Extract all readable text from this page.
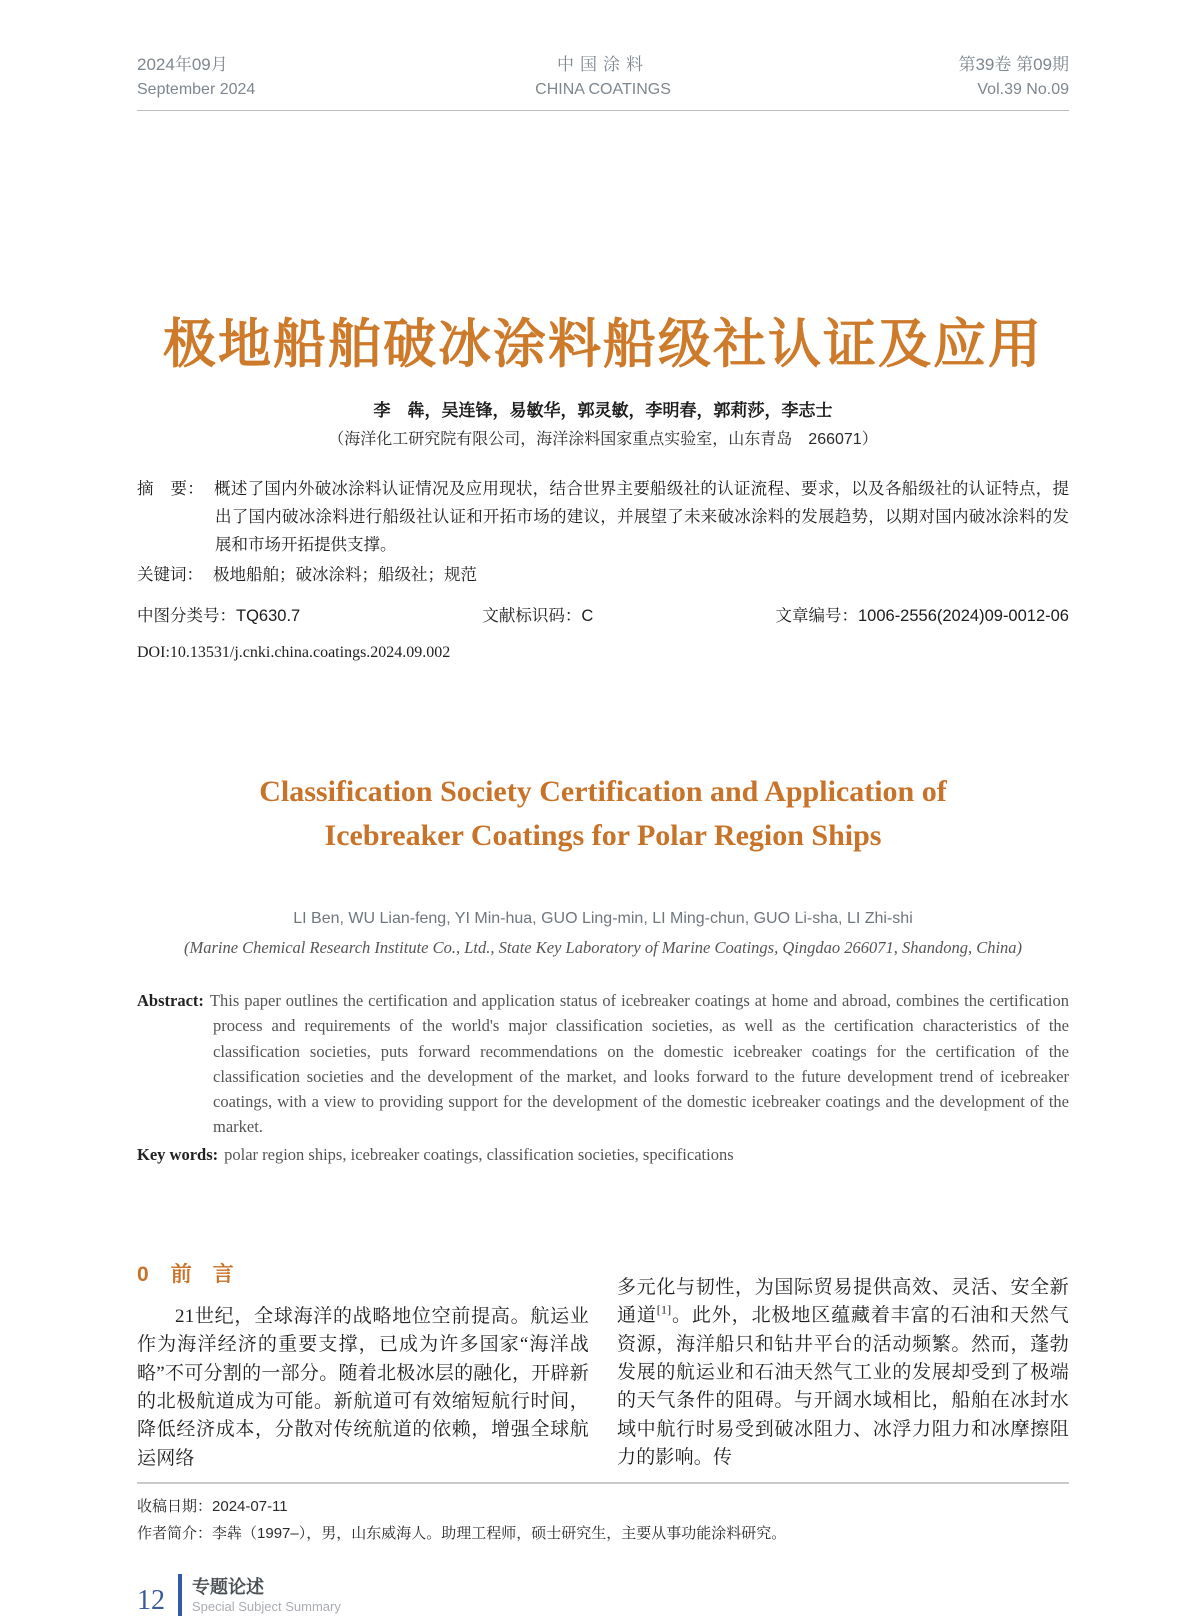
2024年09月
September 2024
中国涂料
CHINA COATINGS
第39卷 第09期
Vol.39 No.09
极地船舶破冰涂料船级社认证及应用
李　犇，吴连锋，易敏华，郭灵敏，李明春，郭莉莎，李志士
（海洋化工研究院有限公司，海洋涂料国家重点实验室，山东青岛　266071）
摘　要： 概述了国内外破冰涂料认证情况及应用现状，结合世界主要船级社的认证流程、要求，以及各船级社的认证特点，提出了国内破冰涂料进行船级社认证和开拓市场的建议，并展望了未来破冰涂料的发展趋势，以期对国内破冰涂料的发展和市场开拓提供支撑。
关键词： 极地船舶；破冰涂料；船级社；规范
中图分类号：TQ630.7	文献标识码：C	文章编号：1006-2556(2024)09-0012-06
DOI:10.13531/j.cnki.china.coatings.2024.09.002
Classification Society Certification and Application of
Icebreaker Coatings for Polar Region Ships
LI Ben, WU Lian-feng, YI Min-hua, GUO Ling-min, LI Ming-chun, GUO Li-sha, LI Zhi-shi
(Marine Chemical Research Institute Co., Ltd., State Key Laboratory of Marine Coatings, Qingdao 266071, Shandong, China)
Abstract: This paper outlines the certification and application status of icebreaker coatings at home and abroad, combines the certification process and requirements of the world's major classification societies, as well as the certification characteristics of the classification societies, puts forward recommendations on the domestic icebreaker coatings for the certification of the classification societies and the development of the market, and looks forward to the future development trend of icebreaker coatings, with a view to providing support for the development of the domestic icebreaker coatings and the development of the market.
Key words: polar region ships, icebreaker coatings, classification societies, specifications
0 前　言

21世纪，全球海洋的战略地位空前提高。航运业作为海洋经济的重要支撑，已成为许多国家“海洋战略”不可分割的一部分。随着北极冰层的融化，开辟新的北极航道成为可能。新航道可有效缩短航行时间，降低经济成本，分散对传统航道的依赖，增强全球航运网络

多元化与韧性，为国际贸易提供高效、灵活、安全新通道[1]。此外，北极地区蕴藏着丰富的石油和天然气资源，海洋船只和钻井平台的活动频繁。然而，蓬勃发展的航运业和石油天然气工业的发展却受到了极端的天气条件的阻碍。与开阔水域相比，船舶在冰封水域中航行时易受到破冰阻力、冰浮力阻力和冰摩擦阻力的影响。传

收稿日期：2024-07-11
作者简介：李犇（1997–），男，山东威海人。助理工程师，硕士研究生，主要从事功能涂料研究。
12 专题论述
Special Subject Summary
